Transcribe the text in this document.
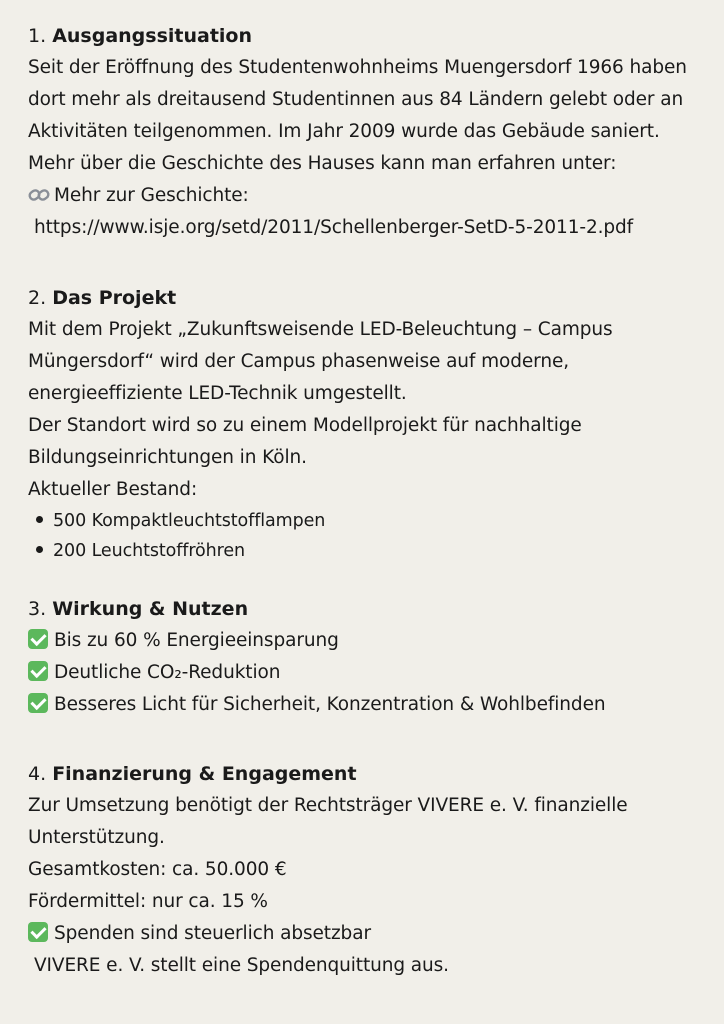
1. Ausgangssituation
Seit der Eröffnung des Studentenwohnheims Muengersdorf 1966 haben
dort mehr als dreitausend Studentinnen aus 84 Ländern gelebt oder an
Aktivitäten teilgenommen. Im Jahr 2009 wurde das Gebäude saniert.
Mehr über die Geschichte des Hauses kann man erfahren unter:
Mehr zur Geschichte:
https://www.isje.org/setd/2011/Schellenberger-SetD-5-2011-2.pdf
2. Das Projekt
Mit dem Projekt „Zukunftsweisende LED-Beleuchtung – Campus
Müngersdorf“ wird der Campus phasenweise auf moderne,
energieeffiziente LED-Technik umgestellt.
Der Standort wird so zu einem Modellprojekt für nachhaltige
Bildungseinrichtungen in Köln.
Aktueller Bestand:
500 Kompaktleuchtstofflampen
200 Leuchtstoffröhren
3. Wirkung & Nutzen
Bis zu 60 % Energieeinsparung
Deutliche CO₂-Reduktion
Besseres Licht für Sicherheit, Konzentration & Wohlbefinden
4. Finanzierung & Engagement
Zur Umsetzung benötigt der Rechtsträger VIVERE e. V. finanzielle
Unterstützung.
Gesamtkosten: ca. 50.000 €
Fördermittel: nur ca. 15 %
Spenden sind steuerlich absetzbar
VIVERE e. V. stellt eine Spendenquittung aus.
